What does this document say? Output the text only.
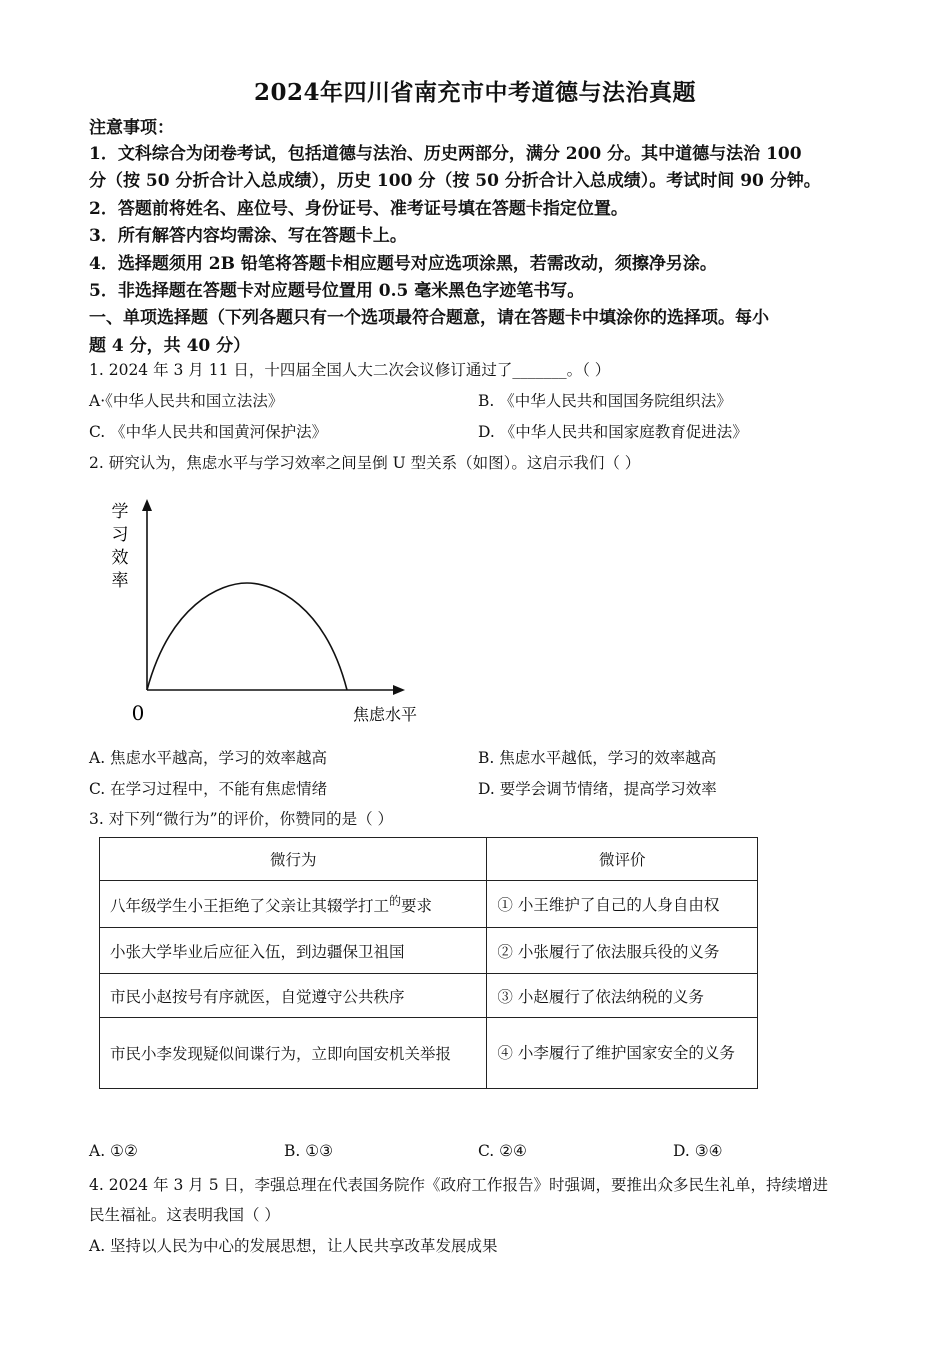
2024年四川省南充市中考道德与法治真题
注意事项：
1．文科综合为闭卷考试，包括道德与法治、历史两部分，满分 200 分。其中道德与法治 100
分（按 50 分折合计入总成绩），历史 100 分（按 50 分折合计入总成绩）。考试时间 90 分钟。
2．答题前将姓名、座位号、身份证号、准考证号填在答题卡指定位置。
3．所有解答内容均需涂、写在答题卡上。
4．选择题须用 2B 铅笔将答题卡相应题号对应选项涂黑，若需改动，须擦净另涂。
5．非选择题在答题卡对应题号位置用 0.5 毫米黑色字迹笔书写。
一、单项选择题（下列各题只有一个选项最符合题意，请在答题卡中填涂你的选择项。每小
题 4 分，共 40 分）
1. 2024 年 3 月 11 日，十四届全国人大二次会议修订通过了_______。（ ）
A·《中华人民共和国立法法》	B. 《中华人民共和国国务院组织法》
C. 《中华人民共和国黄河保护法》	D. 《中华人民共和国家庭教育促进法》
2. 研究认为，焦虑水平与学习效率之间呈倒 U 型关系（如图）。这启示我们（ ）
学
习
效
率
0	焦虑水平
A. 焦虑水平越高，学习的效率越高	B. 焦虑水平越低，学习的效率越高
C. 在学习过程中，不能有焦虑情绪	D. 要学会调节情绪，提高学习效率
3. 对下列“微行为”的评价，你赞同的是（ ）
微行为	微评价
八年级学生小王拒绝了父亲让其辍学打工$^的$要求	① 小王维护了自己的人身自由权
小张大学毕业后应征入伍，到边疆保卫祖国	② 小张履行了依法服兵役的义务
市民小赵按号有序就医，自觉遵守公共秩序	③ 小赵履行了依法纳税的义务
市民小李发现疑似间谍行为，立即向国安机关举报	④ 小李履行了维护国家安全的义务
A. ①②	B. ①③	C. ②④	D. ③④
4. 2024 年 3 月 5 日，李强总理在代表国务院作《政府工作报告》时强调，要推出众多民生礼单，持续增进
民生福祉。这表明我国（ ）
A. 坚持以人民为中心的发展思想，让人民共享改革发展成果
